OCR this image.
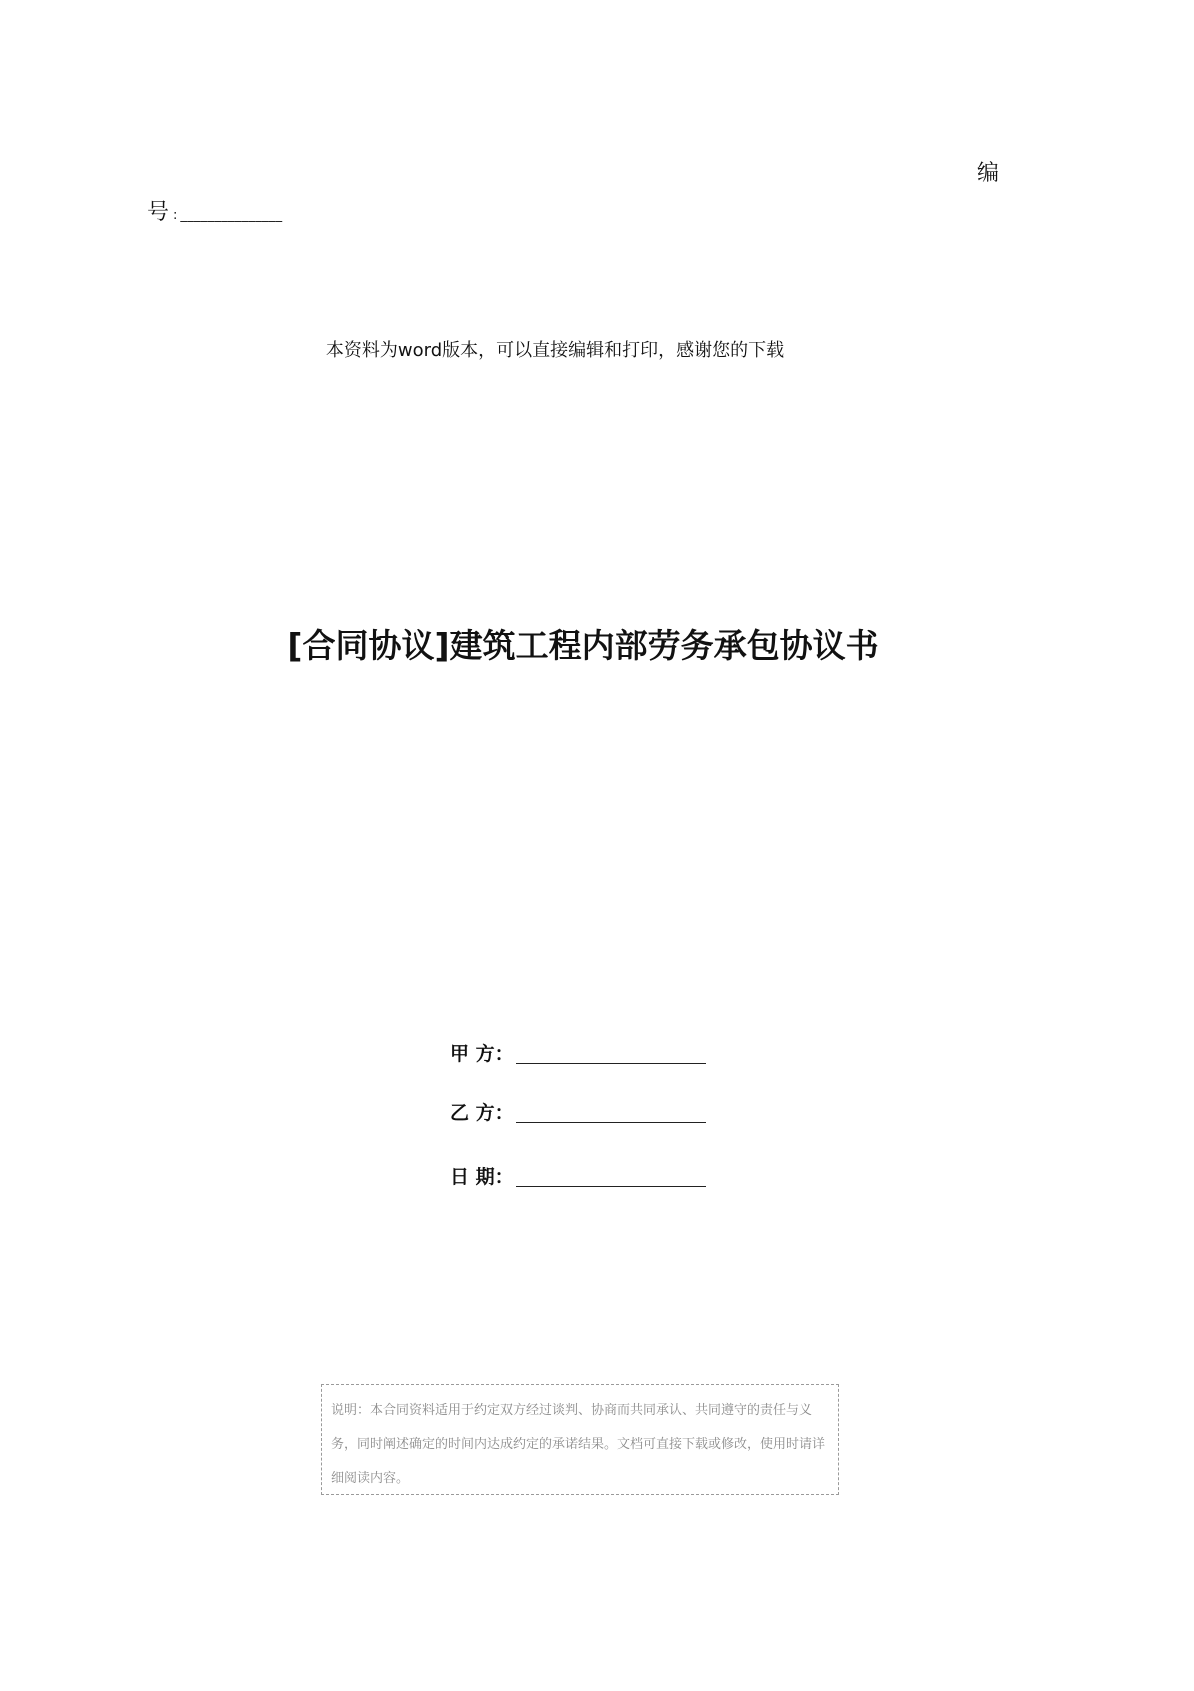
编
号 : _______________
本资料为word版本，可以直接编辑和打印，感谢您的下载
[合同协议]建筑工程内部劳务承包协议书
甲 方：
乙 方：
日 期：
说明：本合同资料适用于约定双方经过谈判、协商而共同承认、共同遵守的责任与义务，同时阐述确定的时间内达成约定的承诺结果。文档可直接下载或修改，使用时请详细阅读内容。
